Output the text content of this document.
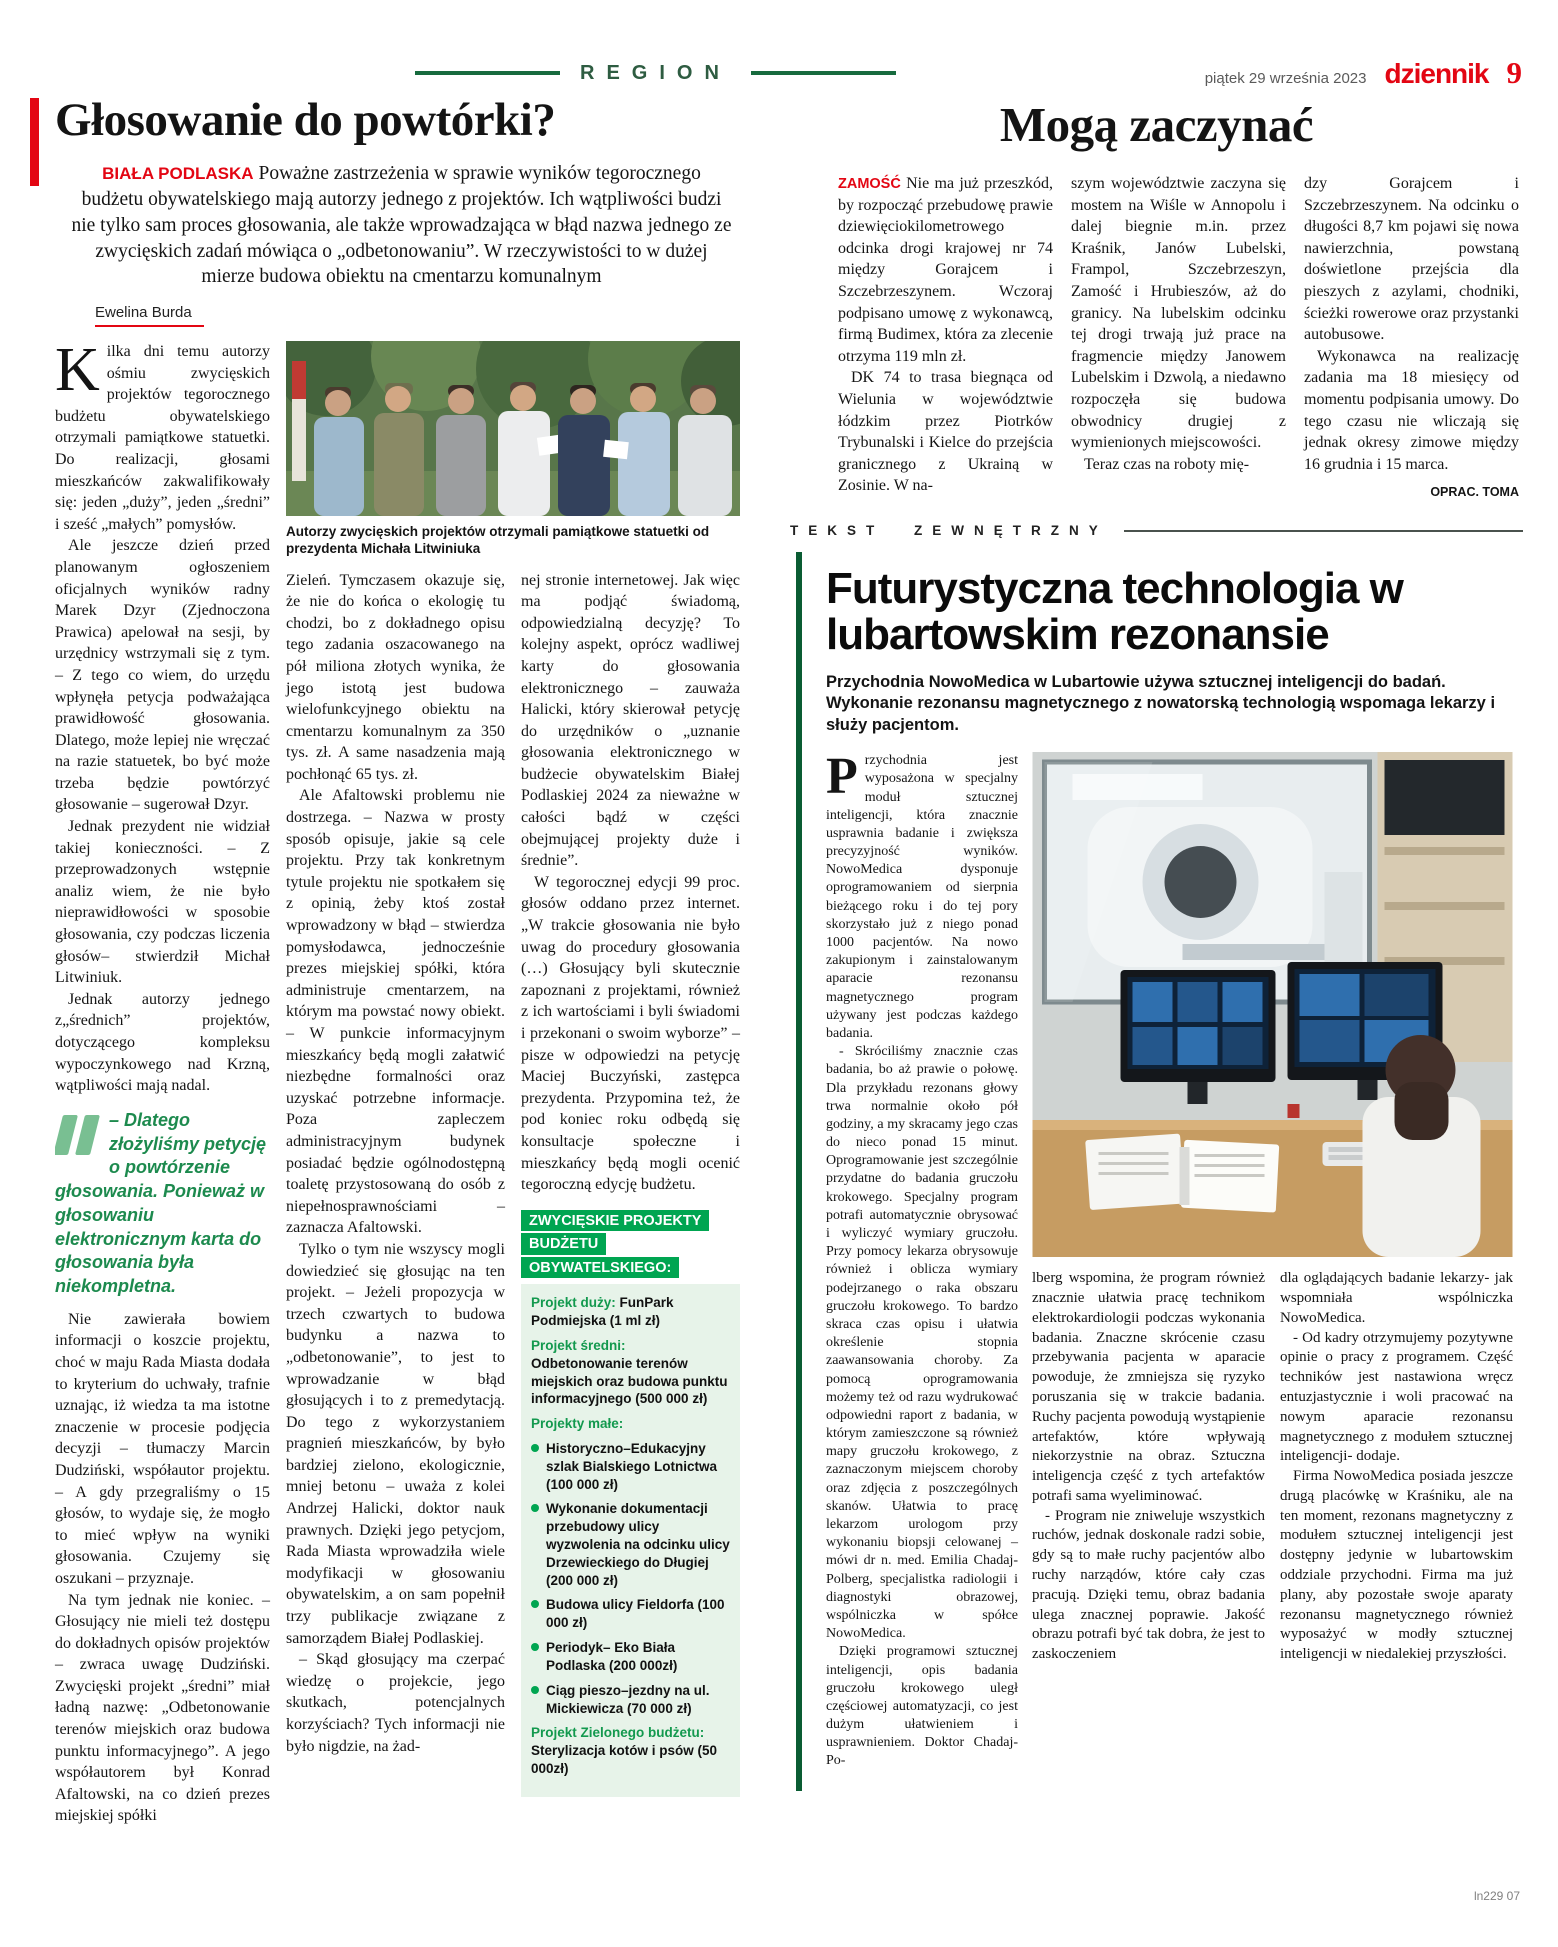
REGION	piątek 29 września 2023 dziennik 9
Głosowanie do powtórki?

BIAŁA PODLASKA Poważne zastrzeżenia w sprawie wyników tegorocznego budżetu obywatelskiego mają autorzy jednego z projektów. Ich wątpliwości budzi nie tylko sam proces głosowania, ale także wprowadzająca w błąd nazwa jednego ze zwycięskich zadań mówiąca o „odbetonowaniu”. W rzeczywistości to w dużej mierze budowa obiektu na cmentarzu komunalnym

Ewelina Burda

Kilka dni temu autorzy ośmiu zwycięskich projektów tegorocznego budżetu obywatelskiego otrzymali pamiątkowe statuetki. Do realizacji, głosami mieszkańców zakwalifikowały się: jeden „duży”, jeden „średni” i sześć „małych” pomysłów.

Ale jeszcze dzień przed planowanym ogłoszeniem oficjalnych wyników radny Marek Dzyr (Zjednoczona Prawica) apelował na sesji, by urzędnicy wstrzymali się z tym. – Z tego co wiem, do urzędu wpłynęła petycja podważająca prawidłowość głosowania. Dlatego, może lepiej nie wręczać na razie statuetek, bo być może trzeba będzie powtórzyć głosowanie – sugerował Dzyr.

Jednak prezydent nie widział takiej konieczności. – Z przeprowadzonych wstępnie analiz wiem, że nie było nieprawidłowości w sposobie głosowania, czy podczas liczenia głosów– stwierdził Michał Litwiniuk.

Jednak autorzy jednego z„średnich” projektów, dotyczącego kompleksu wypoczynkowego nad Krzną, wątpliwości mają nadal.

– Dlatego złożyliśmy petycję o powtórzenie głosowania. Ponieważ w głosowaniu elektronicznym karta do głosowania była niekompletna.

Nie zawierała bowiem informacji o koszcie projektu, choć w maju Rada Miasta dodała to kryterium do uchwały, trafnie uznając, iż wiedza ta ma istotne znaczenie w procesie podjęcia decyzji – tłumaczy Marcin Dudziński, współautor projektu. – A gdy przegraliśmy o 15 głosów, to wydaje się, że mogło to mieć wpływ na wyniki głosowania. Czujemy się oszukani – przyznaje.

Na tym jednak nie koniec. – Głosujący nie mieli też dostępu do dokładnych opisów projektów – zwraca uwagę Dudziński. Zwycięski projekt „średni” miał ładną nazwę: „Odbetonowanie terenów miejskich oraz budowa punktu informacyjnego”. A jego współautorem był Konrad Afaltowski, na co dzień prezes miejskiej spółki

Autorzy zwycięskich projektów otrzymali pamiątkowe statuetki od prezydenta Michała Litwiniuka

Zieleń. Tymczasem okazuje się, że nie do końca o ekologię tu chodzi, bo z dokładnego opisu tego zadania oszacowanego na pół miliona złotych wynika, że jego istotą jest budowa wielofunkcyjnego obiektu na cmentarzu komunalnym za 350 tys. zł. A same nasadzenia mają pochłonąć 65 tys. zł.

Ale Afaltowski problemu nie dostrzega. – Nazwa w prosty sposób opisuje, jakie są cele projektu. Przy tak konkretnym tytule projektu nie spotkałem się z opinią, żeby ktoś został wprowadzony w błąd – stwierdza pomysłodawca, jednocześnie prezes miejskiej spółki, która administruje cmentarzem, na którym ma powstać nowy obiekt. – W punkcie informacyjnym mieszkańcy będą mogli załatwić niezbędne formalności oraz uzyskać potrzebne informacje. Poza zapleczem administracyjnym budynek posiadać będzie ogólnodostępną toaletę przystosowaną do osób z niepełnosprawnościami – zaznacza Afaltowski.

Tylko o tym nie wszyscy mogli dowiedzieć się głosując na ten projekt. – Jeżeli propozycja w trzech czwartych to budowa budynku a nazwa to „odbetonowanie”, to jest to wprowadzanie w błąd głosujących i to z premedytacją. Do tego z wykorzystaniem pragnień mieszkańców, by było bardziej zielono, ekologicznie, mniej betonu – uważa z kolei Andrzej Halicki, doktor nauk prawnych. Dzięki jego petycjom, Rada Miasta wprowadziła wiele modyfikacji w głosowaniu obywatelskim, a on sam popełnił trzy publikacje związane z samorządem Białej Podlaskiej.

– Skąd głosujący ma czerpać wiedzę o projekcie, jego skutkach, potencjalnych korzyściach? Tych informacji nie było nigdzie, na żad-

nej stronie internetowej. Jak więc ma podjąć świadomą, odpowiedzialną decyzję? To kolejny aspekt, oprócz wadliwej karty do głosowania elektronicznego – zauważa Halicki, który skierował petycję do urzędników o „uznanie głosowania elektronicznego w budżecie obywatelskim Białej Podlaskiej 2024 za nieważne w całości bądź w części obejmującej projekty duże i średnie”.

W tegorocznej edycji 99 proc. głosów oddano przez internet. „W trakcie głosowania nie było uwag do procedury głosowania (…) Głosujący byli skutecznie zapoznani z projektami, również z ich wartościami i byli świadomi i przekonani o swoim wyborze” – pisze w odpowiedzi na petycję Maciej Buczyński, zastępca prezydenta. Przypomina też, że pod koniec roku odbędą się konsultacje społeczne i mieszkańcy będą mogli ocenić tegoroczną edycję budżetu.

ZWYCIĘSKIE PROJEKTY
BUDŻETU
OBYWATELSKIEGO:
Projekt duży: FunPark Podmiejska (1 ml zł)
Projekt średni:
Odbetonowanie terenów miejskich oraz budowa punktu informacyjnego (500 000 zł)
Projekty małe:
Historyczno–Edukacyjny szlak Bialskiego Lotnictwa (100 000 zł)
Wykonanie dokumentacji przebudowy ulicy wyzwolenia na odcinku ulicy Drzewieckiego do Długiej (200 000 zł)
Budowa ulicy Fieldorfa (100 000 zł)
Periodyk– Eko Biała Podlaska (200 000zł)
Ciąg pieszo–jezdny na ul. Mickiewicza (70 000 zł)
Projekt Zielonego budżetu:
Sterylizacja kotów i psów (50 000zł)
Mogą zaczynać

ZAMOŚĆ Nie ma już przeszkód, by rozpocząć przebudowę prawie dziewięciokilometrowego odcinka drogi krajowej nr 74 między Gorajcem i Szczebrzeszynem. Wczoraj podpisano umowę z wykonawcą, firmą Budimex, która za zlecenie otrzyma 119 mln zł.

DK 74 to trasa biegnąca od Wielunia w województwie łódzkim przez Piotrków Trybunalski i Kielce do przejścia granicznego z Ukrainą w Zosinie. W na-

szym województwie zaczyna się mostem na Wiśle w Annopolu i dalej biegnie m.in. przez Kraśnik, Janów Lubelski, Frampol, Szczebrzeszyn, Zamość i Hrubieszów, aż do granicy. Na lubelskim odcinku tej drogi trwają już prace na fragmencie między Janowem Lubelskim i Dzwolą, a niedawno rozpoczęła się budowa obwodnicy drugiej z wymienionych miejscowości.

Teraz czas na roboty mię-

dzy Gorajcem i Szczebrzeszynem. Na odcinku o długości 8,7 km pojawi się nowa nawierzchnia, powstaną doświetlone przejścia dla pieszych z azylami, chodniki, ścieżki rowerowe oraz przystanki autobusowe.

Wykonawca na realizację zadania ma 18 miesięcy od momentu podpisania umowy. Do tego czasu nie wliczają się jednak okresy zimowe między 16 grudnia i 15 marca.

OPRAC. TOMA
TEKST ZEWNĘTRZNY
Futurystyczna technologia w lubartowskim rezonansie

Przychodnia NowoMedica w Lubartowie używa sztucznej inteligencji do badań. Wykonanie rezonansu magnetycznego z nowatorską technologią wspomaga lekarzy i służy pacjentom.

Przychodnia jest wyposażona w specjalny moduł sztucznej inteligencji, która znacznie usprawnia badanie i zwiększa precyzyjność wyników. NowoMedica dysponuje oprogramowaniem od sierpnia bieżącego roku i do tej pory skorzystało już z niego ponad 1000 pacjentów. Na nowo zakupionym i zainstalowanym aparacie rezonansu magnetycznego program używany jest podczas każdego badania.

- Skróciliśmy znacznie czas badania, bo aż prawie o połowę. Dla przykładu rezonans głowy trwa normalnie około pół godziny, a my skracamy jego czas do nieco ponad 15 minut. Oprogramowanie jest szczególnie przydatne do badania gruczołu krokowego. Specjalny program potrafi automatycznie obrysować i wyliczyć wymiary gruczołu. Przy pomocy lekarza obrysowuje również i oblicza wymiary podejrzanego o raka obszaru gruczołu krokowego. To bardzo skraca czas opisu i ułatwia określenie stopnia zaawansowania choroby. Za pomocą oprogramowania możemy też od razu wydrukować odpowiedni raport z badania, w którym zamieszczone są również mapy gruczołu krokowego, z zaznaczonym miejscem choroby oraz zdjęcia z poszczególnych skanów. Ułatwia to pracę lekarzom urologom przy wykonaniu biopsji celowanej – mówi dr n. med. Emilia Chadaj-Polberg, specjalistka radiologii i diagnostyki obrazowej, wspólniczka w spółce NowoMedica.

Dzięki programowi sztucznej inteligencji, opis badania gruczołu krokowego uległ częściowej automatyzacji, co jest dużym ułatwieniem i usprawnieniem. Doktor Chadaj- Po-

lberg wspomina, że program również znacznie ułatwia pracę technikom elektrokardiologii podczas wykonania badania. Znaczne skrócenie czasu przebywania pacjenta w aparacie powoduje, że zmniejsza się ryzyko poruszania się w trakcie badania. Ruchy pacjenta powodują wystąpienie artefaktów, które wpływają niekorzystnie na obraz. Sztuczna inteligencja część z tych artefaktów potrafi sama wyeliminować.

- Program nie zniweluje wszystkich ruchów, jednak doskonale radzi sobie, gdy są to małe ruchy pacjentów albo ruchy narządów, które cały czas pracują. Dzięki temu, obraz badania ulega znacznej poprawie. Jakość obrazu potrafi być tak dobra, że jest to zaskoczeniem

dla oglądających badanie lekarzy- jak wspomniała wspólniczka NowoMedica.

- Od kadry otrzymujemy pozytywne opinie o pracy z programem. Część techników jest nastawiona wręcz entuzjastycznie i woli pracować na nowym aparacie rezonansu magnetycznego z modułem sztucznej inteligencji- dodaje.

Firma NowoMedica posiada jeszcze drugą placówkę w Kraśniku, ale na ten moment, rezonans magnetyczny z modułem sztucznej inteligencji jest dostępny jedynie w lubartowskim oddziale przychodni. Firma ma już plany, aby pozostałe swoje aparaty rezonansu magnetycznego również wyposażyć w modły sztucznej inteligencji w niedalekiej przyszłości.

ln229 07
